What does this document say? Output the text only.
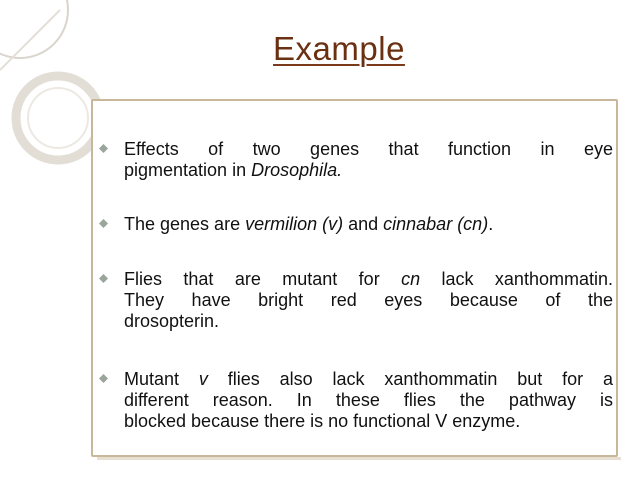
Example
Effects of two genes that function in eye
pigmentation in Drosophila.
The genes are vermilion (v) and cinnabar (cn).
Flies that are mutant for cn lack xanthommatin.
They have bright red eyes because of the
drosopterin.
Mutant v flies also lack xanthommatin but for a
different reason. In these flies the pathway is
blocked because there is no functional V enzyme.
